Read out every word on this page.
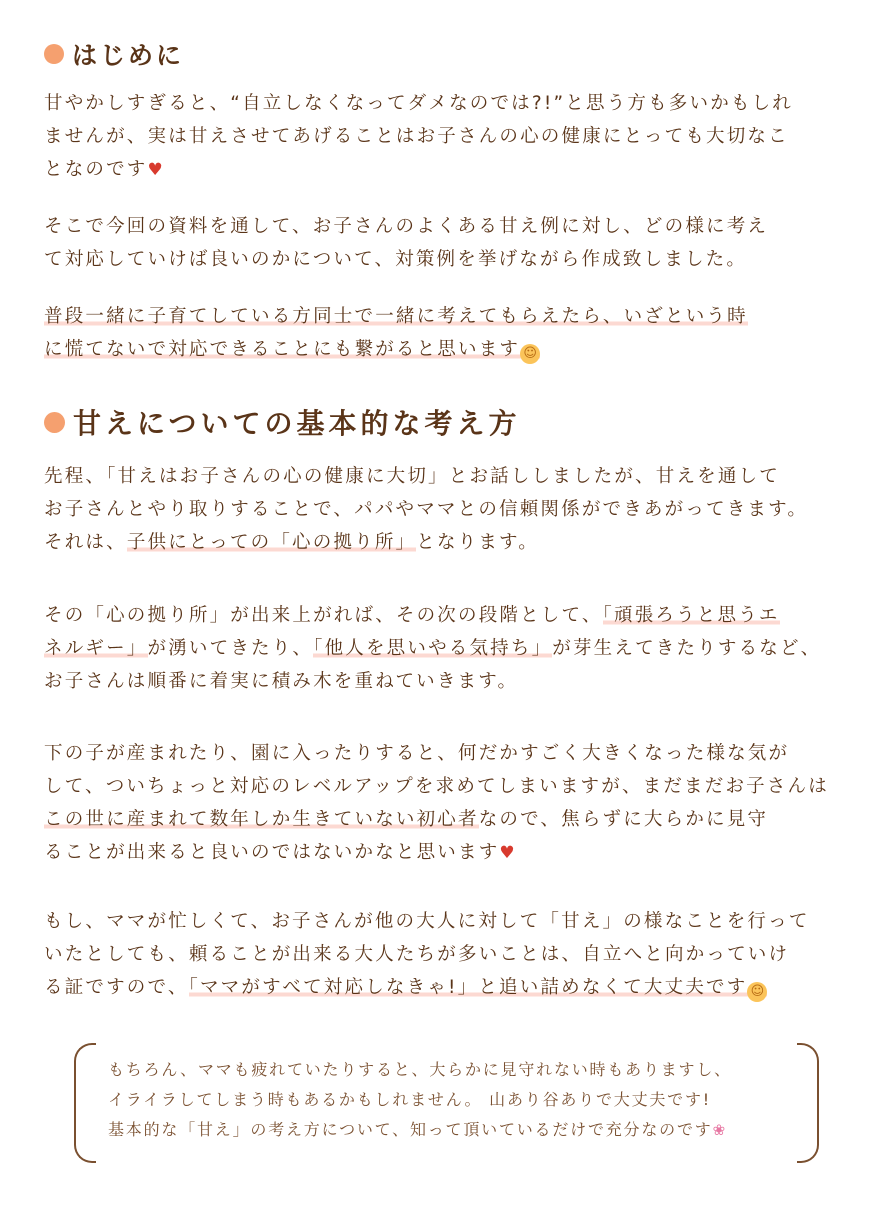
はじめに
甘やかしすぎると、“自立しなくなってダメなのでは?!”と思う方も多いかもしれ
ませんが、実は甘えさせてあげることはお子さんの心の健康にとっても大切なこ
となのです♥
そこで今回の資料を通して、お子さんのよくある甘え例に対し、どの様に考え
て対応していけば良いのかについて、対策例を挙げながら作成致しました。
普段一緒に子育てしている方同士で一緒に考えてもらえたら、いざという時
に慌てないで対応できることにも繋がると思います ☺
甘えについての基本的な考え方
先程、「甘えはお子さんの心の健康に大切」とお話ししましたが、甘えを通して
お子さんとやり取りすることで、パパやママとの信頼関係ができあがってきます。
それは、子供にとっての「心の拠り所」となります。
その「心の拠り所」が出来上がれば、その次の段階として、「頑張ろうと思うエ
ネルギー」が湧いてきたり、「他人を思いやる気持ち」が芽生えてきたりするなど、
お子さんは順番に着実に積み木を重ねていきます。
下の子が産まれたり、園に入ったりすると、何だかすごく大きくなった様な気が
して、ついちょっと対応のレベルアップを求めてしまいますが、まだまだお子さんは
この世に産まれて数年しか生きていない初心者なので、焦らずに大らかに見守
ることが出来ると良いのではないかなと思います♥
もし、ママが忙しくて、お子さんが他の大人に対して「甘え」の様なことを行って
いたとしても、頼ることが出来る大人たちが多いことは、自立へと向かっていけ
る証ですので、「ママがすべて対応しなきゃ!」と追い詰めなくて大丈夫です ☺
もちろん、ママも疲れていたりすると、大らかに見守れない時もありますし、
イライラしてしまう時もあるかもしれません。 山あり谷ありで大丈夫です!
基本的な「甘え」の考え方について、知って頂いているだけで充分なのです❀
